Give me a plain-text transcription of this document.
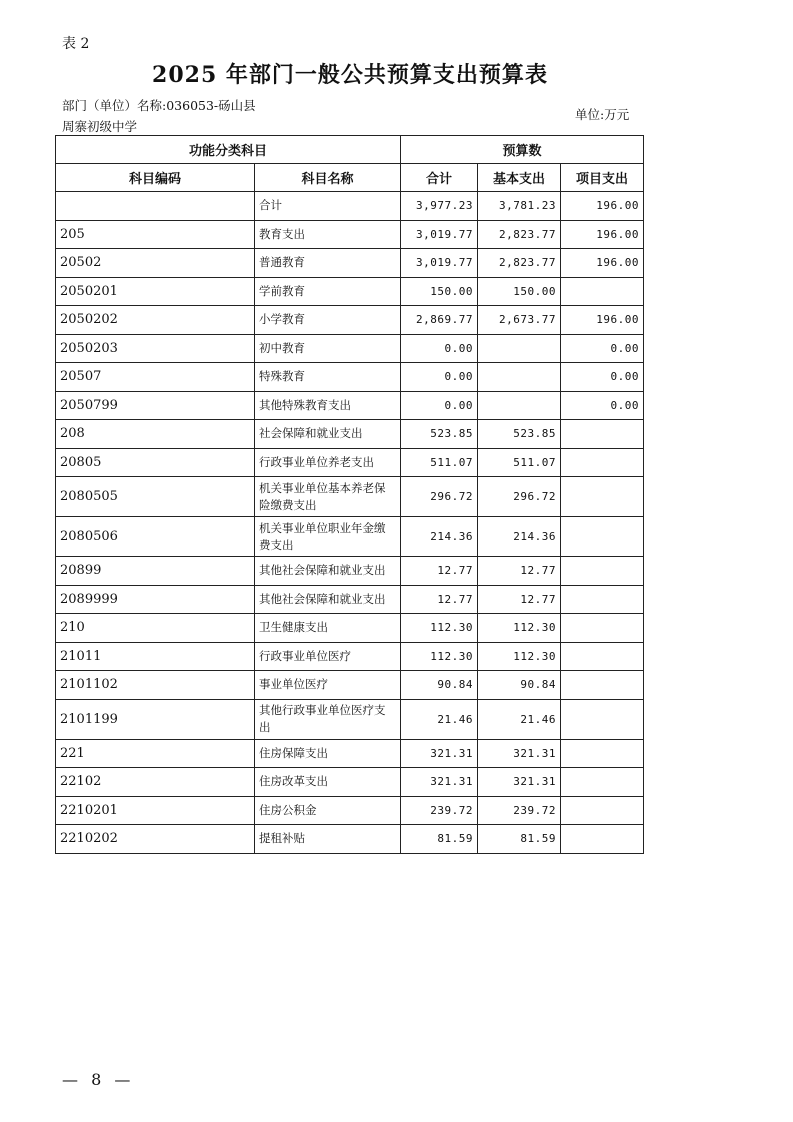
表 2
2025 年部门一般公共预算支出预算表
部门（单位）名称:036053-砀山县周寨初级中学
单位:万元
功能分类科目		预算数		
科目编码	科目名称	合计	基本支出	项目支出
	合计	3,977.23	3,781.23	196.00
205	教育支出	3,019.77	2,823.77	196.00
20502	普通教育	3,019.77	2,823.77	196.00
2050201	学前教育	150.00	150.00	
2050202	小学教育	2,869.77	2,673.77	196.00
2050203	初中教育	0.00		0.00
20507	特殊教育	0.00		0.00
2050799	其他特殊教育支出	0.00		0.00
208	社会保障和就业支出	523.85	523.85	
20805	行政事业单位养老支出	511.07	511.07	
2080505	机关事业单位基本养老保险缴费支出	296.72	296.72	
2080506	机关事业单位职业年金缴费支出	214.36	214.36	
20899	其他社会保障和就业支出	12.77	12.77	
2089999	其他社会保障和就业支出	12.77	12.77	
210	卫生健康支出	112.30	112.30	
21011	行政事业单位医疗	112.30	112.30	
2101102	事业单位医疗	90.84	90.84	
2101199	其他行政事业单位医疗支出	21.46	21.46	
221	住房保障支出	321.31	321.31	
22102	住房改革支出	321.31	321.31	
2210201	住房公积金	239.72	239.72	
2210202	提租补贴	81.59	81.59	
— 8 —
